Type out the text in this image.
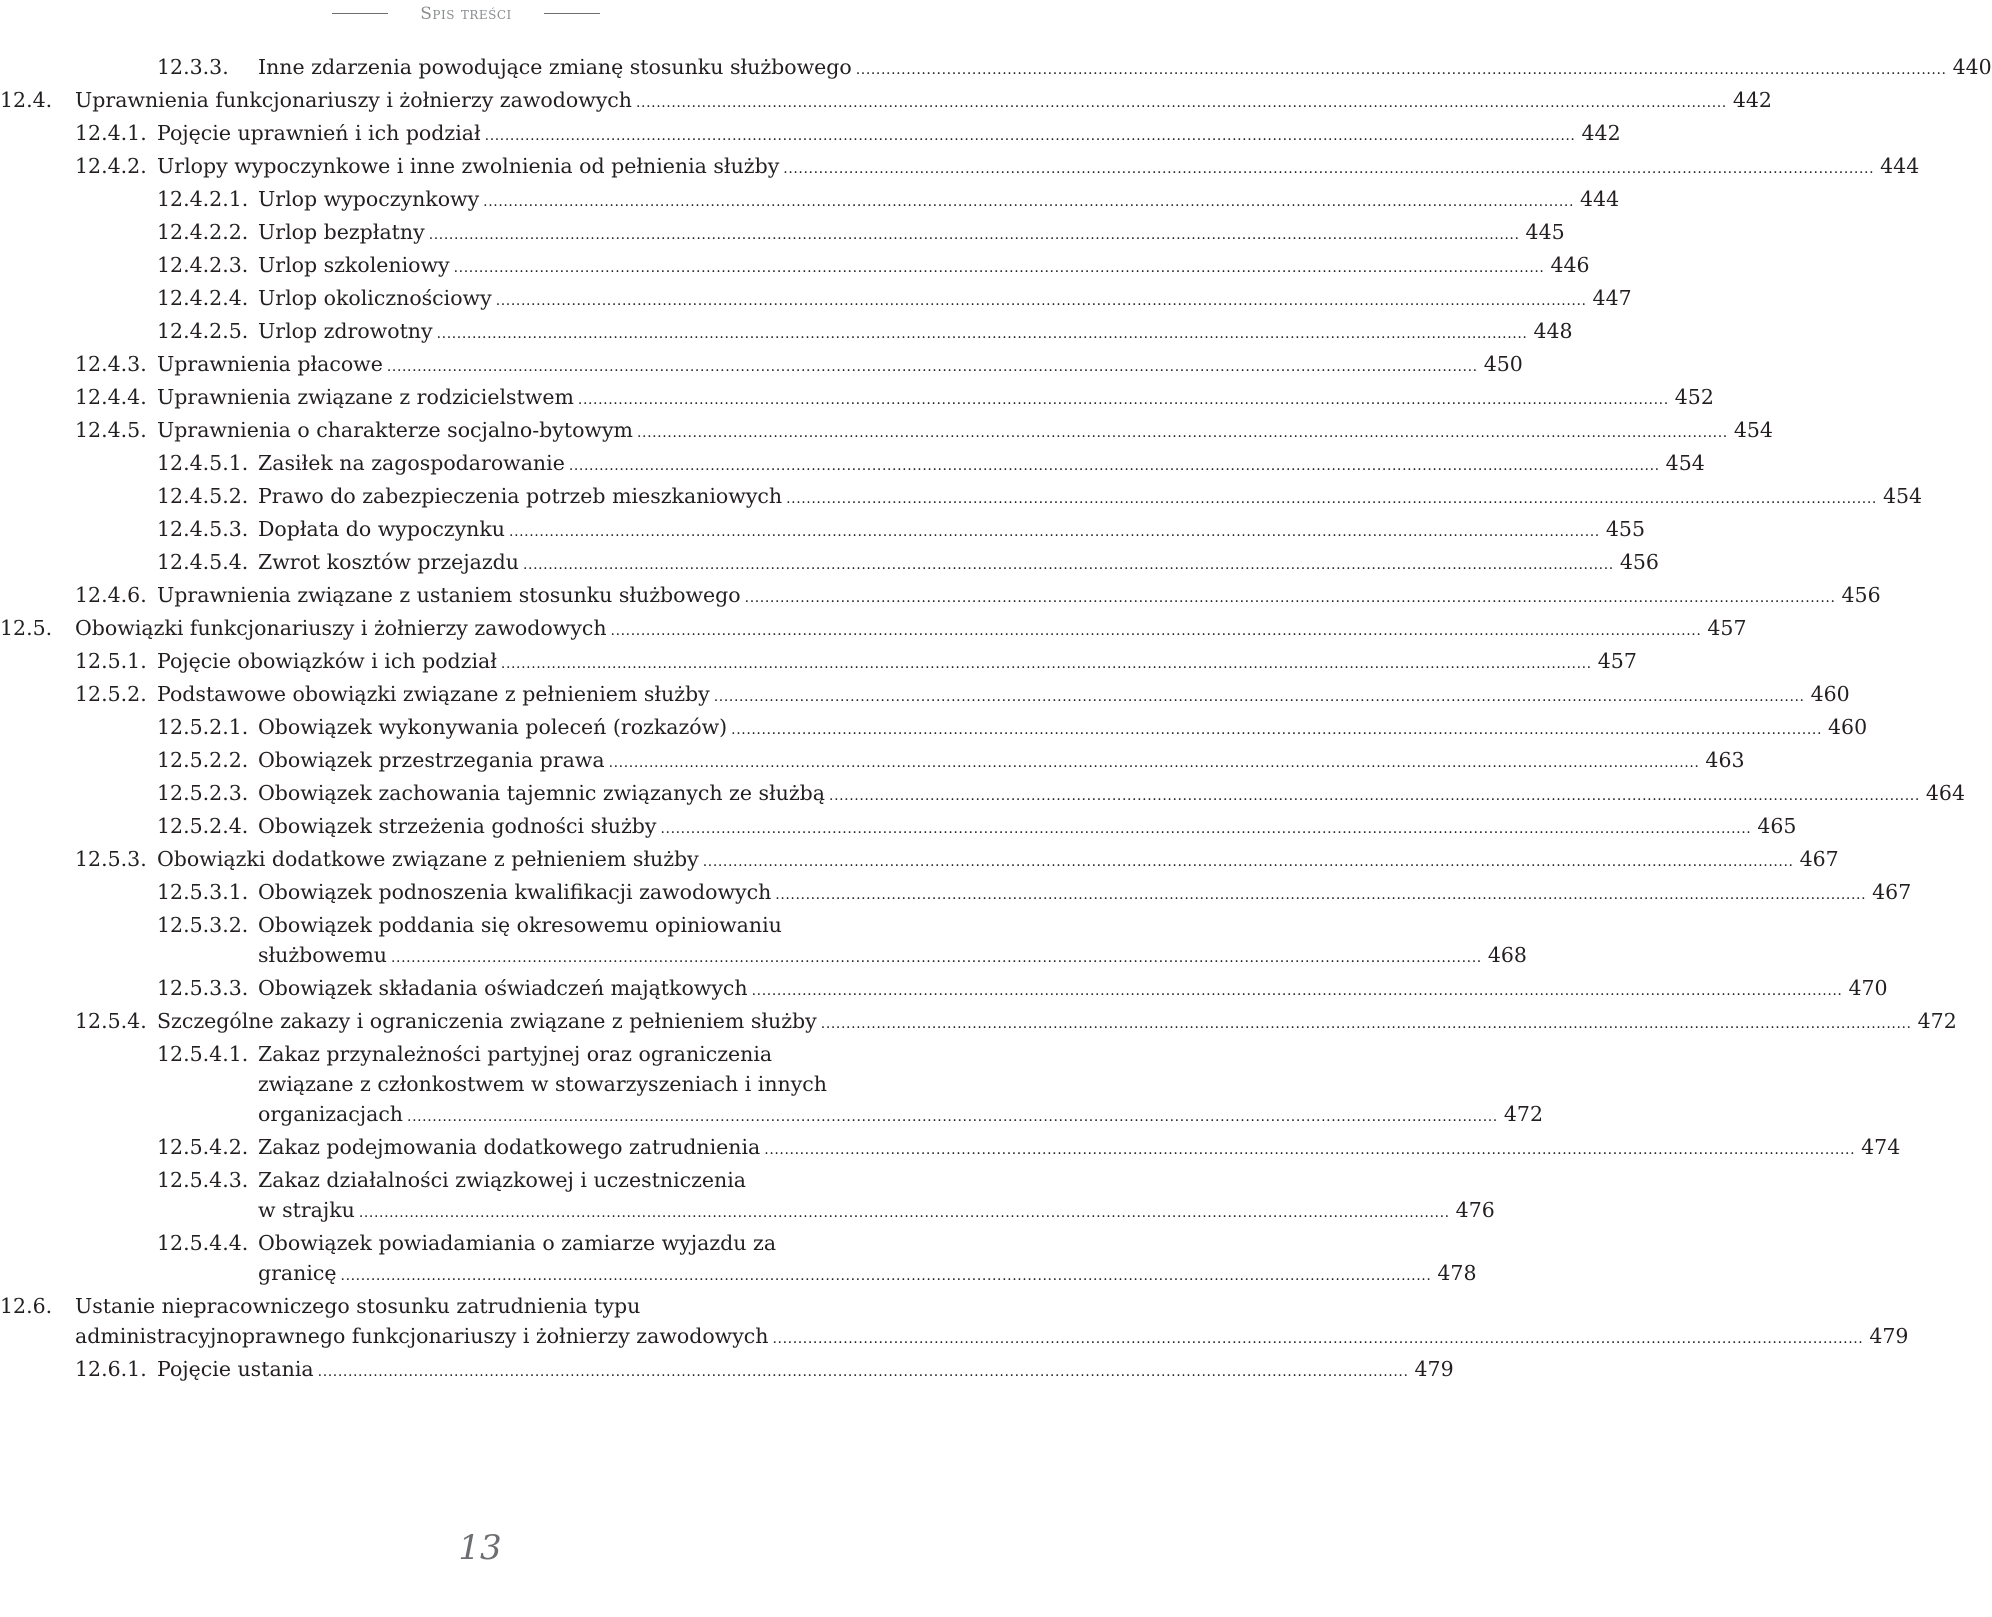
Spis treści
12.3.3. Inne zdarzenia powodujące zmianę stosunku służbowego .....	440
12.4. Uprawnienia funkcjonariuszy i żołnierzy zawodowych .....	442
12.4.1. Pojęcie uprawnień i ich podział .....	442
12.4.2. Urlopy wypoczynkowe i inne zwolnienia od pełnienia służby .....	444
12.4.2.1. Urlop wypoczynkowy .....	444
12.4.2.2. Urlop bezpłatny .....	445
12.4.2.3. Urlop szkoleniowy .....	446
12.4.2.4. Urlop okolicznościowy .....	447
12.4.2.5. Urlop zdrowotny .....	448
12.4.3. Uprawnienia płacowe .....	450
12.4.4. Uprawnienia związane z rodzicielstwem .....	452
12.4.5. Uprawnienia o charakterze socjalno-bytowym .....	454
12.4.5.1. Zasiłek na zagospodarowanie .....	454
12.4.5.2. Prawo do zabezpieczenia potrzeb mieszkaniowych .....	454
12.4.5.3. Dopłata do wypoczynku .....	455
12.4.5.4. Zwrot kosztów przejazdu .....	456
12.4.6. Uprawnienia związane z ustaniem stosunku służbowego .....	456
12.5. Obowiązki funkcjonariuszy i żołnierzy zawodowych .....	457
12.5.1. Pojęcie obowiązków i ich podział .....	457
12.5.2. Podstawowe obowiązki związane z pełnieniem służby .....	460
12.5.2.1. Obowiązek wykonywania poleceń (rozkazów) .....	460
12.5.2.2. Obowiązek przestrzegania prawa .....	463
12.5.2.3. Obowiązek zachowania tajemnic związanych ze służbą .....	464
12.5.2.4. Obowiązek strzeżenia godności służby .....	465
12.5.3. Obowiązki dodatkowe związane z pełnieniem służby .....	467
12.5.3.1. Obowiązek podnoszenia kwalifikacji zawodowych .....	467
12.5.3.2. Obowiązek poddania się okresowemu opiniowaniu
służbowemu .....	468
12.5.3.3. Obowiązek składania oświadczeń majątkowych .....	470
12.5.4. Szczególne zakazy i ograniczenia związane z pełnieniem służby .....	472
12.5.4.1. Zakaz przynależności partyjnej oraz ograniczenia
związane z członkostwem w stowarzyszeniach i innych
organizacjach .....	472
12.5.4.2. Zakaz podejmowania dodatkowego zatrudnienia .....	474
12.5.4.3. Zakaz działalności związkowej i uczestniczenia
w strajku .....	476
12.5.4.4. Obowiązek powiadamiania o zamiarze wyjazdu za
granicę .....	478
12.6. Ustanie niepracowniczego stosunku zatrudnienia typu
administracyjnoprawnego funkcjonariuszy i żołnierzy zawodowych .....	479
12.6.1. Pojęcie ustania .....	479
13
